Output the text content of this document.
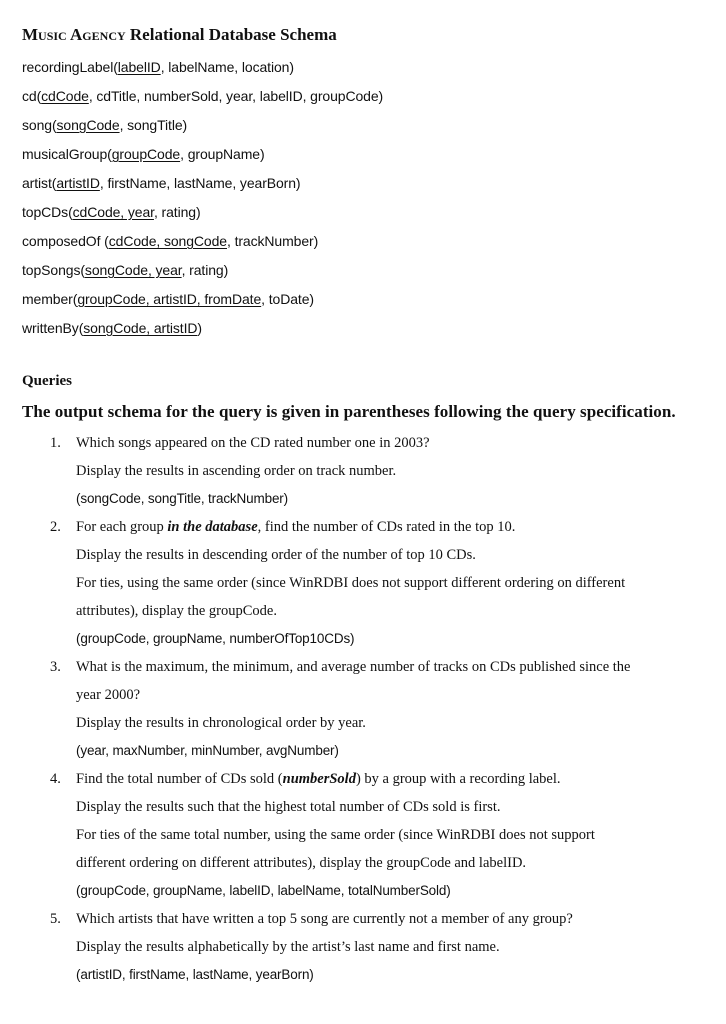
Music Agency Relational Database Schema
recordingLabel(labelID, labelName, location)
cd(cdCode, cdTitle, numberSold, year, labelID, groupCode)
song(songCode, songTitle)
musicalGroup(groupCode, groupName)
artist(artistID, firstName, lastName, yearBorn)
topCDs(cdCode, year, rating)
composedOf (cdCode, songCode, trackNumber)
topSongs(songCode, year, rating)
member(groupCode, artistID, fromDate, toDate)
writtenBy(songCode, artistID)
Queries
The output schema for the query is given in parentheses following the query specification.
1. Which songs appeared on the CD rated number one in 2003?
Display the results in ascending order on track number.
(songCode, songTitle, trackNumber)
2. For each group in the database, find the number of CDs rated in the top 10.
Display the results in descending order of the number of top 10 CDs.
For ties, using the same order (since WinRDBI does not support different ordering on different
attributes), display the groupCode.
(groupCode, groupName, numberOfTop10CDs)
3. What is the maximum, the minimum, and average number of tracks on CDs published since the
year 2000?
Display the results in chronological order by year.
(year, maxNumber, minNumber, avgNumber)
4. Find the total number of CDs sold (numberSold) by a group with a recording label.
Display the results such that the highest total number of CDs sold is first.
For ties of the same total number, using the same order (since WinRDBI does not support
different ordering on different attributes), display the groupCode and labelID.
(groupCode, groupName, labelID, labelName, totalNumberSold)
5. Which artists that have written a top 5 song are currently not a member of any group?
Display the results alphabetically by the artist’s last name and first name.
(artistID, firstName, lastName, yearBorn)
